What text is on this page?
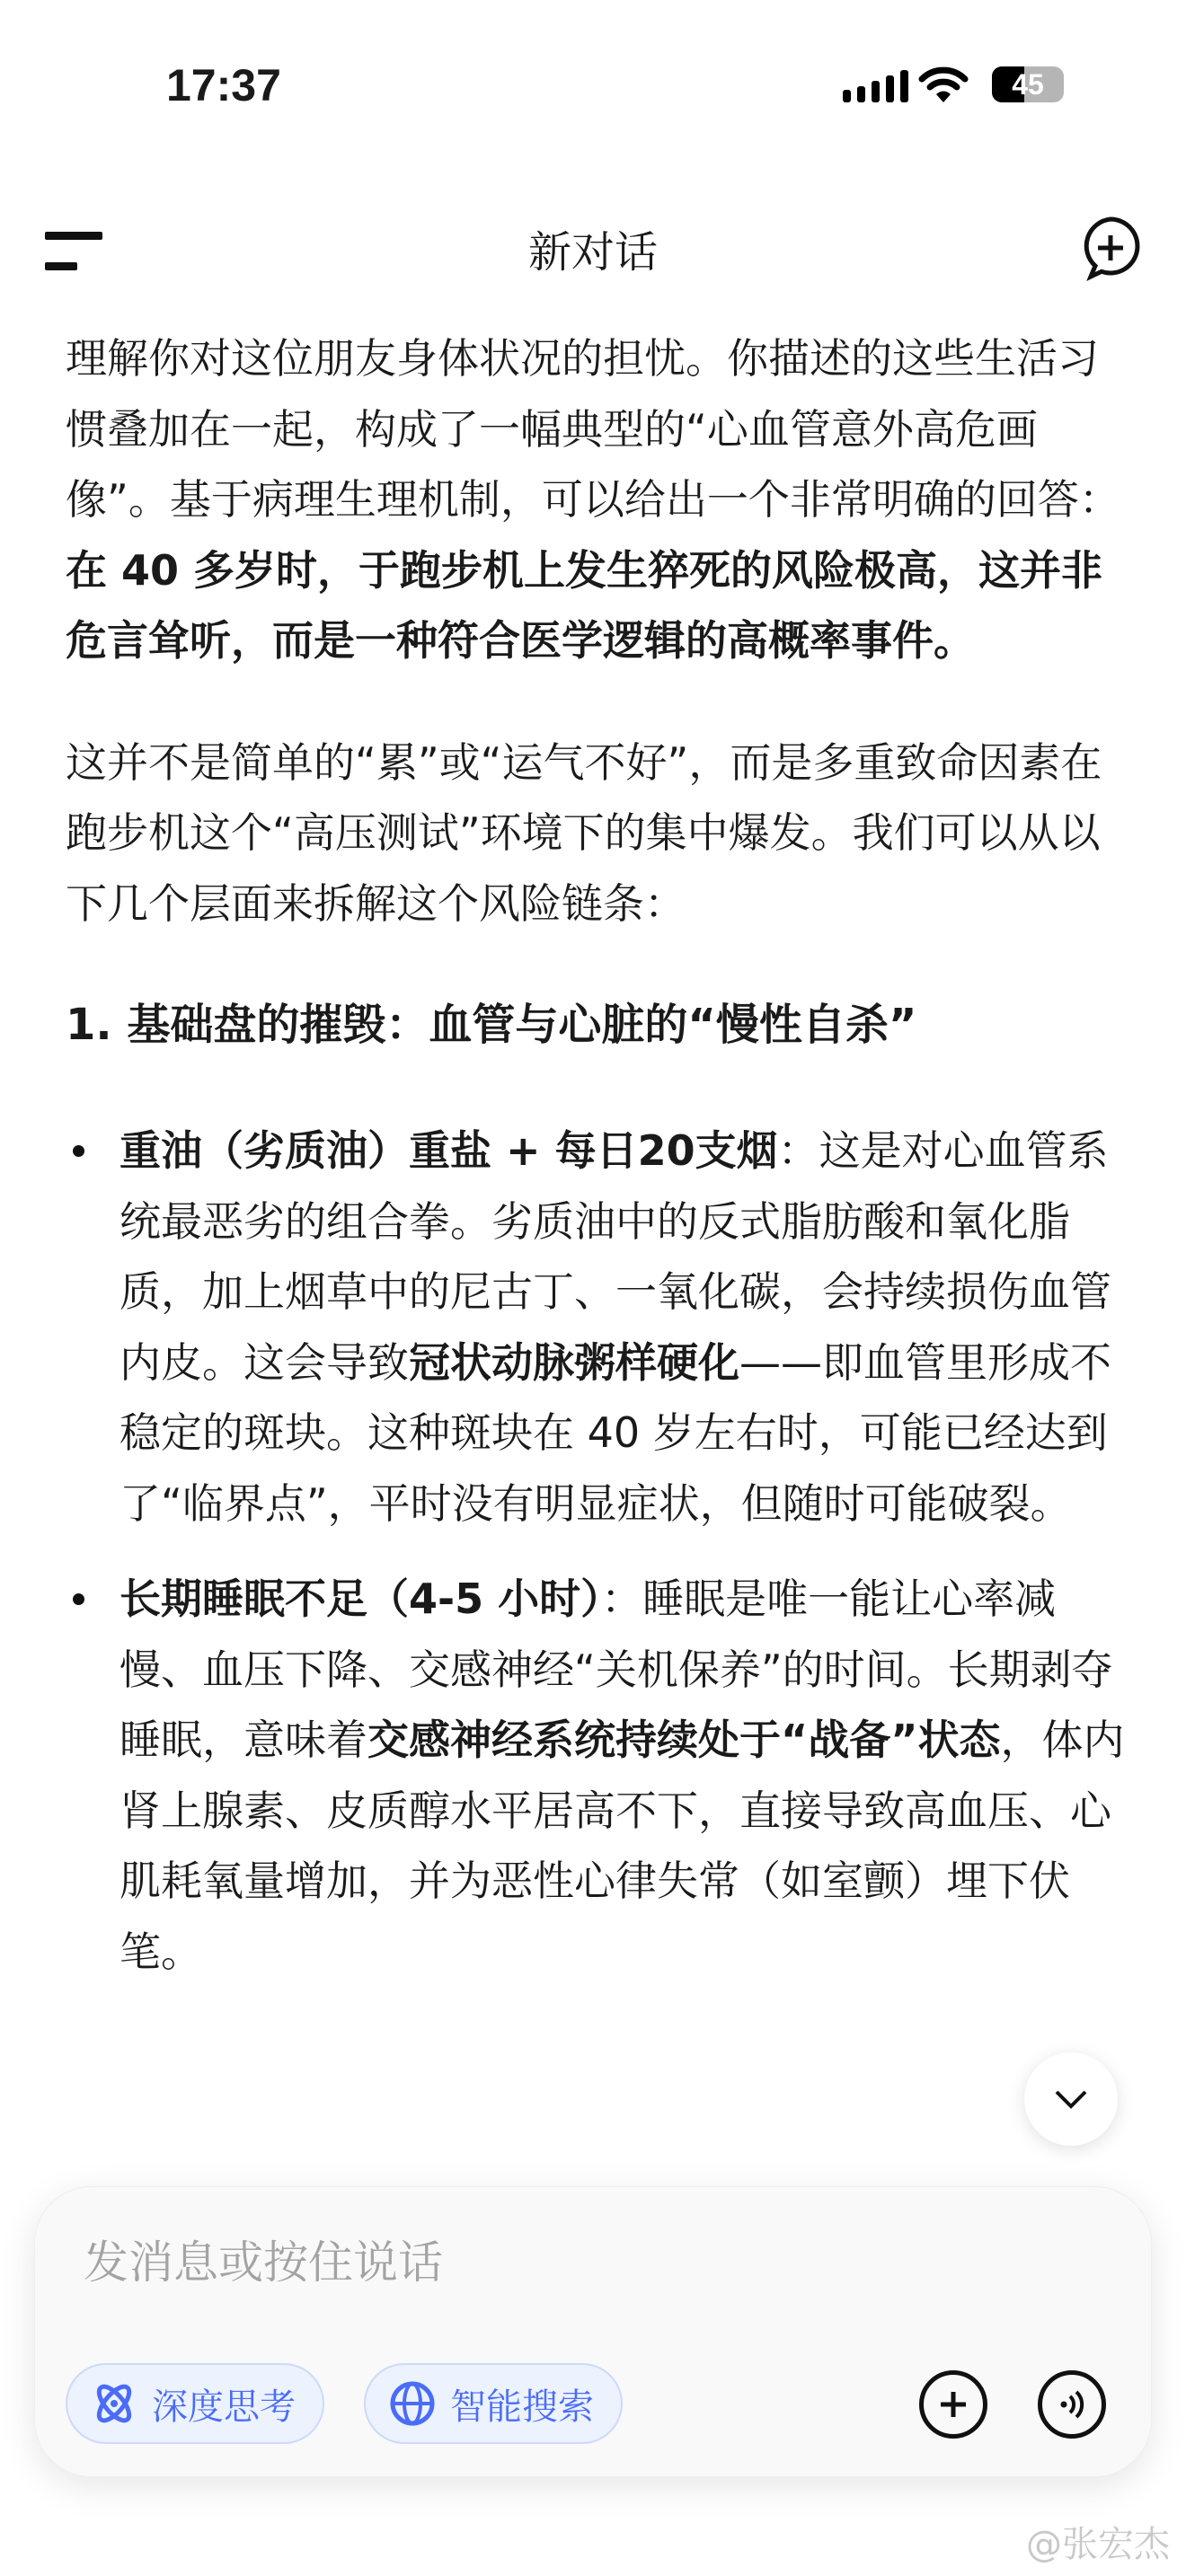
17:37	45
新对话

理解你对这位朋友身体状况的担忧。你描述的这些生活习惯叠加在一起，构成了一幅典型的“心血管意外高危画像”。基于病理生理机制，可以给出一个非常明确的回答：在 40 多岁时，于跑步机上发生猝死的风险极高，这并非危言耸听，而是一种符合医学逻辑的高概率事件。

这并不是简单的“累”或“运气不好”，而是多重致命因素在跑步机这个“高压测试”环境下的集中爆发。我们可以从以下几个层面来拆解这个风险链条：

1. 基础盘的摧毁：血管与心脏的“慢性自杀”
重油（劣质油）重盐 + 每日20支烟：这是对心血管系统最恶劣的组合拳。劣质油中的反式脂肪酸和氧化脂质，加上烟草中的尼古丁、一氧化碳，会持续损伤血管内皮。这会导致冠状动脉粥样硬化——即血管里形成不稳定的斑块。这种斑块在 40 岁左右时，可能已经达到了“临界点”，平时没有明显症状，但随时可能破裂。
长期睡眠不足（4-5 小时）：睡眠是唯一能让心率减慢、血压下降、交感神经“关机保养”的时间。长期剥夺睡眠，意味着交感神经系统持续处于“战备”状态，体内肾上腺素、皮质醇水平居高不下，直接导致高血压、心肌耗氧量增加，并为恶性心律失常（如室颤）埋下伏笔。
发消息或按住说话
深度思考	智能搜索
@张宏杰
